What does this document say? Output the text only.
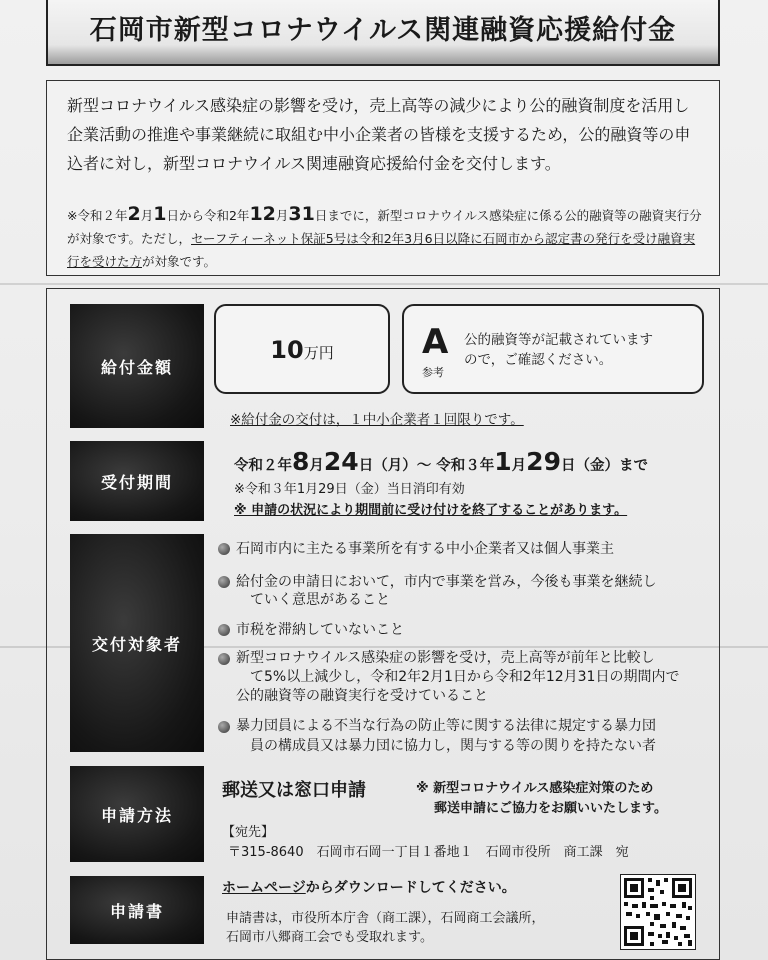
石岡市新型コロナウイルス関連融資応援給付金
新型コロナウイルス感染症の影響を受け，売上高等の減少により公的融資制度を活用し企業活動の推進や事業継続に取組む中小企業者の皆様を支援するため，公的融資等の申込者に対し，新型コロナウイルス関連融資応援給付金を交付します。
※令和２年2月1日から令和2年12月31日までに，新型コロナウイルス感染症に係る公的融資等の融資実行分が対象です。ただし，セーフティーネット保証5号は令和2年3月6日以降に石岡市から認定書の発行を受け融資実行を受けた方が対象です。
給付金額
10万円	A
参考
公的融資等が記載されています
ので，ご確認ください。
※給付金の交付は，１中小企業者１回限りです。
受付期間
令和２年8月24日（月）～ 令和３年1月29日（金）まで
※令和３年1月29日（金）当日消印有効
※ 申請の状況により期間前に受け付けを終了することがあります。
交付対象者
石岡市内に主たる事業所を有する中小企業者又は個人事業主
給付金の申請日において，市内で事業を営み，今後も事業を継続し
ていく意思があること
市税を滞納していないこと
新型コロナウイルス感染症の影響を受け，売上高等が前年と比較し
て5%以上減少し，令和2年2月1日から令和2年12月31日の期間内で
公的融資等の融資実行を受けていること
暴力団員による不当な行為の防止等に関する法律に規定する暴力団
員の構成員又は暴力団に協力し，関与する等の関りを持たない者
申請方法
郵送又は窓口申請	※ 新型コロナウイルス感染症対策のため
郵送申請にご協力をお願いいたします。
【宛先】
〒315-8640　石岡市石岡一丁目１番地１　石岡市役所　商工課　宛
申請書
ホームページからダウンロードしてください。
申請書は，市役所本庁舎（商工課），石岡商工会議所，
石岡市八郷商工会でも受取れます。
